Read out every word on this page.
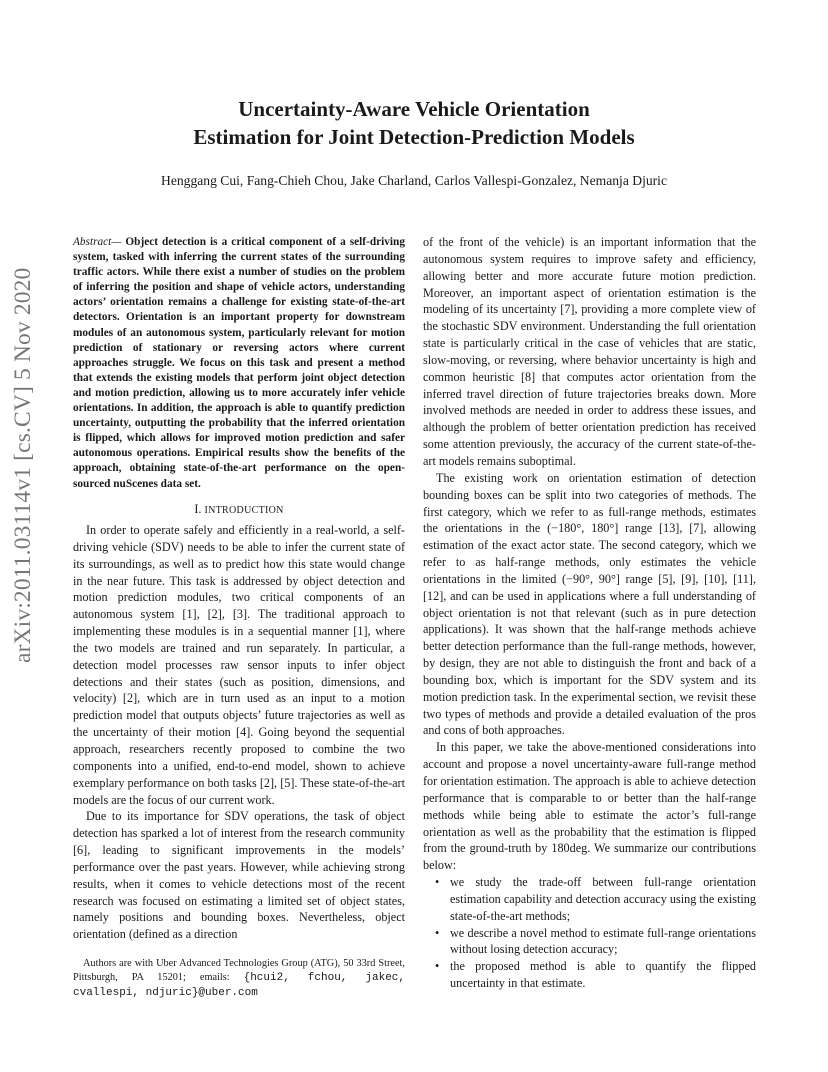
Uncertainty-Aware Vehicle Orientation
Estimation for Joint Detection-Prediction Models
Henggang Cui, Fang-Chieh Chou, Jake Charland, Carlos Vallespi-Gonzalez, Nemanja Djuric
arXiv:2011.03114v1 [cs.CV] 5 Nov 2020
Abstract— Object detection is a critical component of a self-driving system, tasked with inferring the current states of the surrounding traffic actors. While there exist a number of studies on the problem of inferring the position and shape of vehicle actors, understanding actors’ orientation remains a challenge for existing state-of-the-art detectors. Orientation is an important property for downstream modules of an autonomous system, particularly relevant for motion prediction of stationary or reversing actors where current approaches struggle. We focus on this task and present a method that extends the existing models that perform joint object detection and motion prediction, allowing us to more accurately infer vehicle orientations. In addition, the approach is able to quantify prediction uncertainty, outputting the probability that the inferred orientation is flipped, which allows for improved motion prediction and safer autonomous operations. Empirical results show the benefits of the approach, obtaining state-of-the-art performance on the open-sourced nuScenes data set.
I. INTRODUCTION

In order to operate safely and efficiently in a real-world, a self-driving vehicle (SDV) needs to be able to infer the current state of its surroundings, as well as to predict how this state would change in the near future. This task is addressed by object detection and motion prediction modules, two critical components of an autonomous system [1], [2], [3]. The traditional approach to implementing these modules is in a sequential manner [1], where the two models are trained and run separately. In particular, a detection model processes raw sensor inputs to infer object detections and their states (such as position, dimensions, and velocity) [2], which are in turn used as an input to a motion prediction model that outputs objects’ future trajectories as well as the uncertainty of their motion [4]. Going beyond the sequential approach, researchers recently proposed to combine the two components into a unified, end-to-end model, shown to achieve exemplary performance on both tasks [2], [5]. These state-of-the-art models are the focus of our current work.

Due to its importance for SDV operations, the task of object detection has sparked a lot of interest from the research community [6], leading to significant improvements in the models’ performance over the past years. However, while achieving strong results, when it comes to vehicle detections most of the recent research was focused on estimating a limited set of object states, namely positions and bounding boxes. Nevertheless, object orientation (defined as a direction

Authors are with Uber Advanced Technologies Group (ATG), 50 33rd Street, Pittsburgh, PA 15201; emails: {hcui2, fchou, jakec, cvallespi, ndjuric}@uber.com

of the front of the vehicle) is an important information that the autonomous system requires to improve safety and efficiency, allowing better and more accurate future motion prediction. Moreover, an important aspect of orientation estimation is the modeling of its uncertainty [7], providing a more complete view of the stochastic SDV environment. Understanding the full orientation state is particularly critical in the case of vehicles that are static, slow-moving, or reversing, where behavior uncertainty is high and common heuristic [8] that computes actor orientation from the inferred travel direction of future trajectories breaks down. More involved methods are needed in order to address these issues, and although the problem of better orientation prediction has received some attention previously, the accuracy of the current state-of-the-art models remains suboptimal.

The existing work on orientation estimation of detection bounding boxes can be split into two categories of methods. The first category, which we refer to as full-range methods, estimates the orientations in the (−180°, 180°] range [13], [7], allowing estimation of the exact actor state. The second category, which we refer to as half-range methods, only estimates the vehicle orientations in the limited (−90°, 90°] range [5], [9], [10], [11], [12], and can be used in applications where a full understanding of object orientation is not that relevant (such as in pure detection applications). It was shown that the half-range methods achieve better detection performance than the full-range methods, however, by design, they are not able to distinguish the front and back of a bounding box, which is important for the SDV system and its motion prediction task. In the experimental section, we revisit these two types of methods and provide a detailed evaluation of the pros and cons of both approaches.

In this paper, we take the above-mentioned considerations into account and propose a novel uncertainty-aware full-range method for orientation estimation. The approach is able to achieve detection performance that is comparable to or better than the half-range methods while being able to estimate the actor’s full-range orientation as well as the probability that the estimation is flipped from the ground-truth by 180deg. We summarize our contributions below:

• we study the trade-off between full-range orientation estimation capability and detection accuracy using the existing state-of-the-art methods;
• we describe a novel method to estimate full-range orientations without losing detection accuracy;
• the proposed method is able to quantify the flipped uncertainty in that estimate.
